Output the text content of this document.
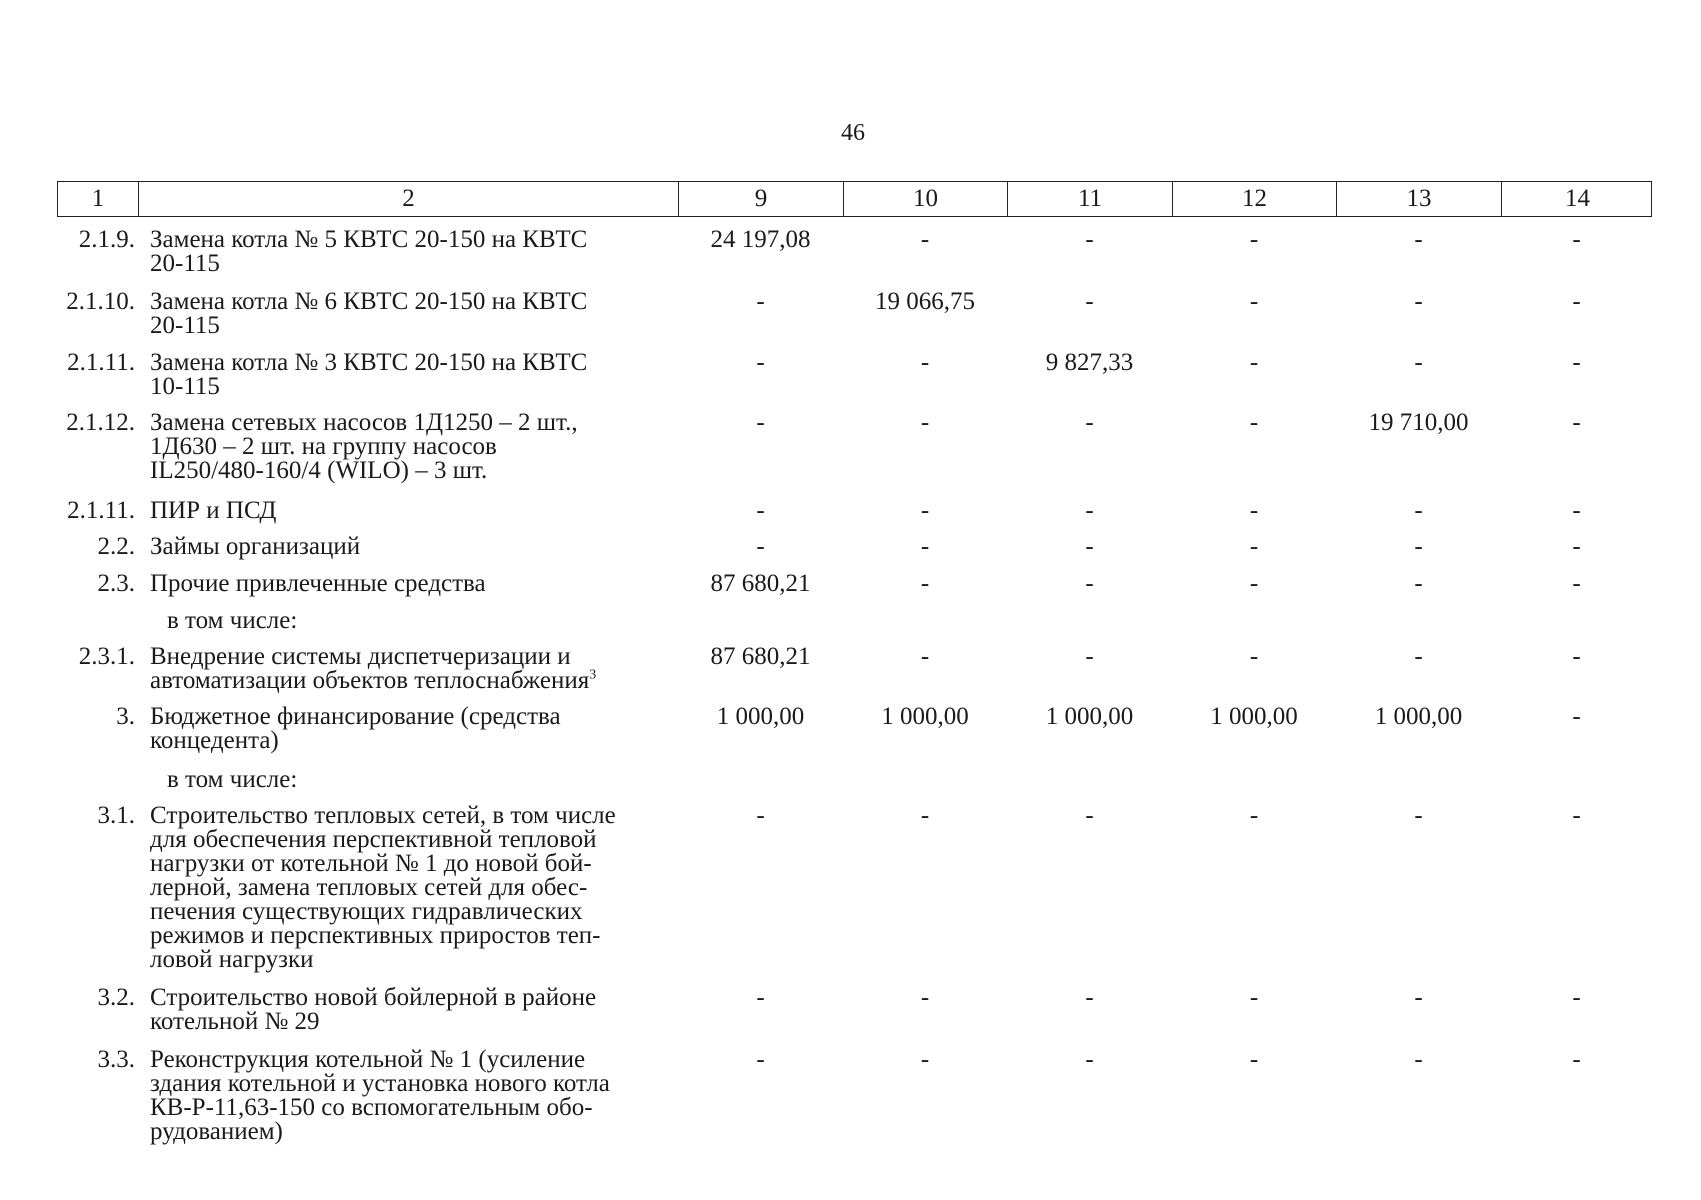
46
1	2	9	10	11	12	13	14
2.1.9. Замена котла № 5 КВТС 20-150 на КВТС
20-115
24 197,08	-	-	-	-	-
2.1.10. Замена котла № 6 КВТС 20-150 на КВТС
20-115
-	19 066,75	-	-	-	-
2.1.11. Замена котла № 3 КВТС 20-150 на КВТС
10-115
-	-	9 827,33	-	-	-
2.1.12. Замена сетевых насосов 1Д1250 – 2 шт.,
1Д630 – 2 шт. на группу насосов
IL250/480-160/4 (WILO) – 3 шт.
-	-	-	-	19 710,00	-
2.1.11. ПИР и ПСД	-	-	-	-	-	-
2.2. Займы организаций	-	-	-	-	-	-
2.3. Прочие привлеченные средства	87 680,21	-	-	-	-	-
в том числе:
2.3.1. Внедрение системы диспетчеризации и
автоматизации объектов теплоснабжения$^3$
87 680,21	-	-	-	-	-
3. Бюджетное финансирование (средства
концедента)
1 000,00	1 000,00	1 000,00	1 000,00	1 000,00	-
в том числе:
3.1. Строительство тепловых сетей, в том числе
для обеспечения перспективной тепловой
нагрузки от котельной № 1 до новой бой-
лерной, замена тепловых сетей для обес-
печения существующих гидравлических
режимов и перспективных приростов теп-
ловой нагрузки
-	-	-	-	-	-
3.2. Строительство новой бойлерной в районе
котельной № 29
-	-	-	-	-	-
3.3. Реконструкция котельной № 1 (усиление
здания котельной и установка нового котла
КВ-Р-11,63-150 со вспомогательным обо-
рудованием)
-	-	-	-	-	-
